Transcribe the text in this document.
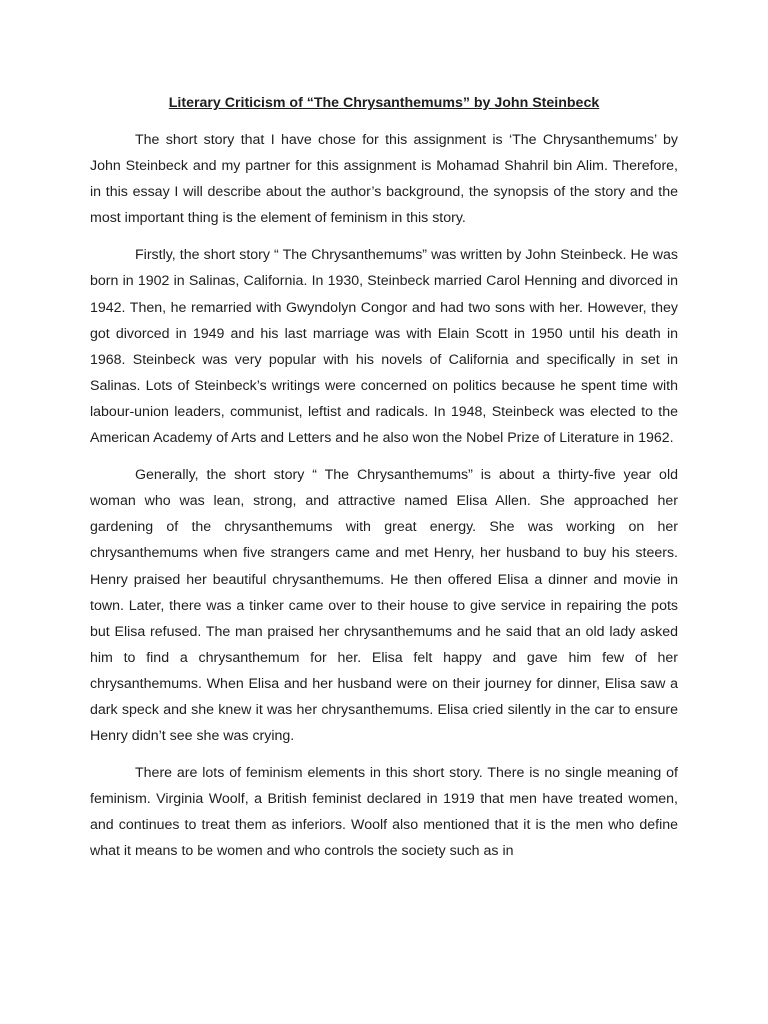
Literary Criticism of “The Chrysanthemums” by John Steinbeck

The short story that I have chose for this assignment is ‘The Chrysanthemums’ by John Steinbeck and my partner for this assignment is Mohamad Shahril bin Alim. Therefore, in this essay I will describe about the author’s background, the synopsis of the story and the most important thing is the element of feminism in this story.

Firstly, the short story “ The Chrysanthemums” was written by John Steinbeck. He was born in 1902 in Salinas, California. In 1930, Steinbeck married Carol Henning and divorced in 1942. Then, he remarried with Gwyndolyn Congor and had two sons with her. However, they got divorced in 1949 and his last marriage was with Elain Scott in 1950 until his death in 1968. Steinbeck was very popular with his novels of California and specifically in set in Salinas. Lots of Steinbeck’s writings were concerned on politics because he spent time with labour-union leaders, communist, leftist and radicals. In 1948, Steinbeck was elected to the American Academy of Arts and Letters and he also won the Nobel Prize of Literature in 1962.

Generally, the short story “ The Chrysanthemums” is about a thirty-five year old woman who was lean, strong, and attractive named Elisa Allen. She approached her gardening of the chrysanthemums with great energy. She was working on her chrysanthemums when five strangers came and met Henry, her husband to buy his steers. Henry praised her beautiful chrysanthemums. He then offered Elisa a dinner and movie in town. Later, there was a tinker came over to their house to give service in repairing the pots but Elisa refused. The man praised her chrysanthemums and he said that an old lady asked him to find a chrysanthemum for her. Elisa felt happy and gave him few of her chrysanthemums. When Elisa and her husband were on their journey for dinner, Elisa saw a dark speck and she knew it was her chrysanthemums. Elisa cried silently in the car to ensure Henry didn’t see she was crying.

There are lots of feminism elements in this short story. There is no single meaning of feminism. Virginia Woolf, a British feminist declared in 1919 that men have treated women, and continues to treat them as inferiors. Woolf also mentioned that it is the men who define what it means to be women and who controls the society such as in
